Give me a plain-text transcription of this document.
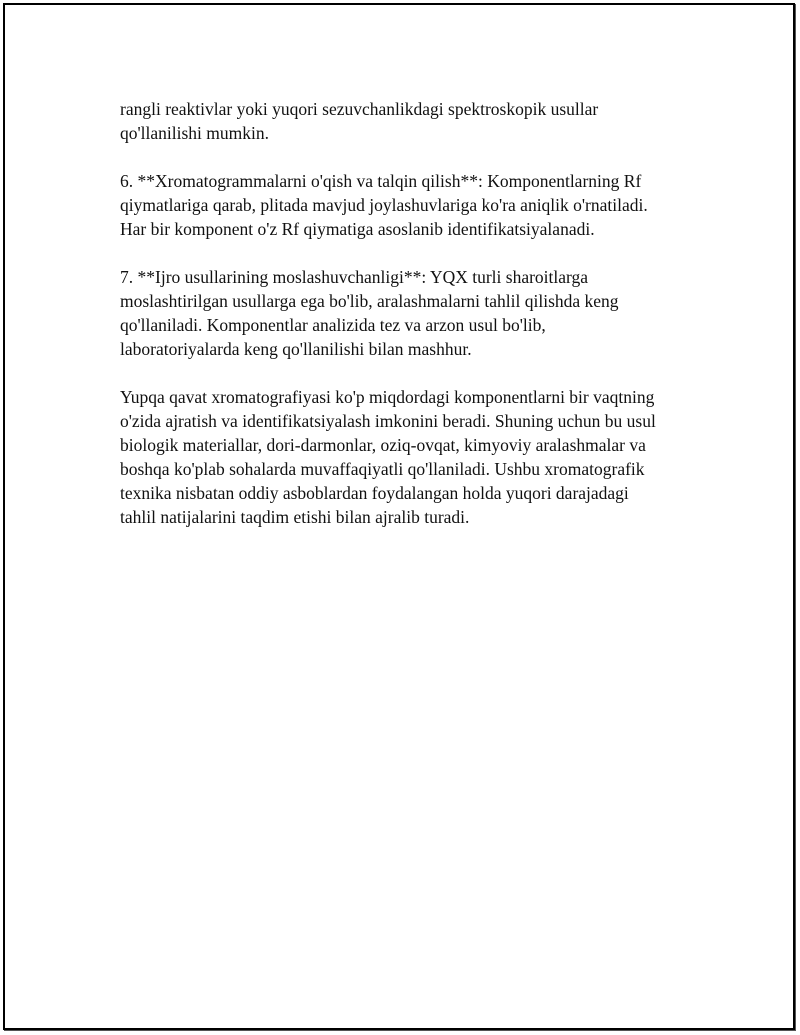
rangli reaktivlar yoki yuqori sezuvchanlikdagi spektroskopik usullar
qo'llanilishi mumkin.

6. **Xromatogrammalarni o'qish va talqin qilish**: Komponentlarning Rf
qiymatlariga qarab, plitada mavjud joylashuvlariga ko'ra aniqlik o'rnatiladi.
Har bir komponent o'z Rf qiymatiga asoslanib identifikatsiyalanadi.

7. **Ijro usullarining moslashuvchanligi**: YQX turli sharoitlarga
moslashtirilgan usullarga ega bo'lib, aralashmalarni tahlil qilishda keng
qo'llaniladi. Komponentlar analizida tez va arzon usul bo'lib,
laboratoriyalarda keng qo'llanilishi bilan mashhur.

Yupqa qavat xromatografiyasi ko'p miqdordagi komponentlarni bir vaqtning
o'zida ajratish va identifikatsiyalash imkonini beradi. Shuning uchun bu usul
biologik materiallar, dori-darmonlar, oziq-ovqat, kimyoviy aralashmalar va
boshqa ko'plab sohalarda muvaffaqiyatli qo'llaniladi. Ushbu xromatografik
texnika nisbatan oddiy asboblardan foydalangan holda yuqori darajadagi
tahlil natijalarini taqdim etishi bilan ajralib turadi.
